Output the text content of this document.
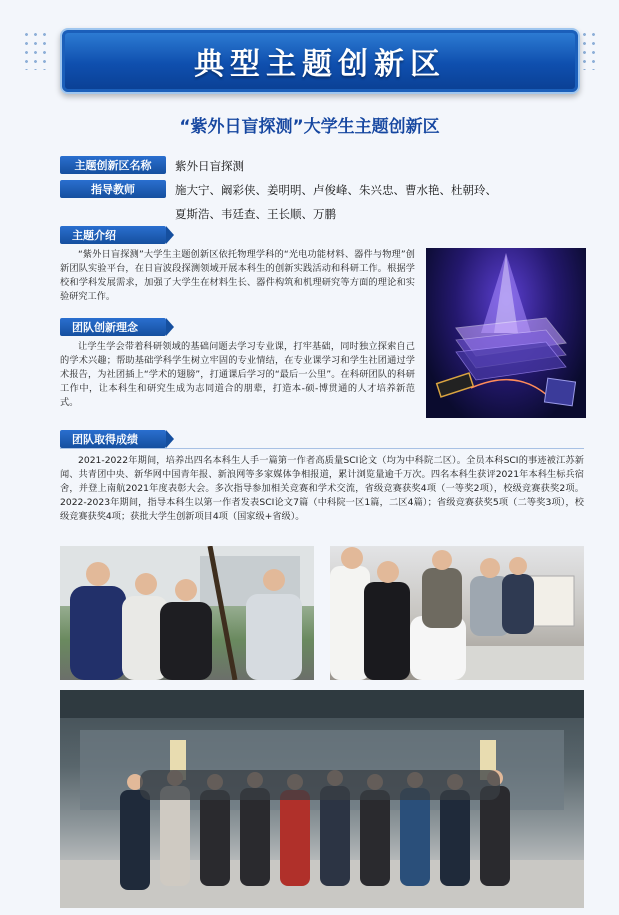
典型主题创新区
“紫外日盲探测”大学生主题创新区
主题创新区名称	紫外日盲探测
指导教师	施大宁、阚彩侠、姜明明、卢俊峰、朱兴忠、曹水艳、杜朝玲、
夏斯浩、韦廷查、王长顺、万鹏
主题介绍
“紫外日盲探测”大学生主题创新区依托物理学科的“光电功能材料、器件与物理”创新团队实验平台，在日盲波段探测领域开展本科生的创新实践活动和科研工作。根据学校和学科发展需求，加强了大学生在材料生长、器件构筑和机理研究等方面的理论和实验研究工作。
团队创新理念
让学生学会带着科研领域的基础问题去学习专业课，打牢基础，同时独立探索自己的学术兴趣；帮助基础学科学生树立牢固的专业情结，在专业课学习和学生社团通过学术报告，为社团插上“学术的翅膀”，打通课后学习的“最后一公里”。在科研团队的科研工作中，让本科生和研究生成为志同道合的朋辈，打造本-硕-博贯通的人才培养新范式。
团队取得成绩
2021-2022年期间，培养出四名本科生人手一篇第一作者高质量SCI论文（均为中科院二区）。全员本科SCI的事迹被江苏新闻、共青团中央、新华网中国青年报、新浪网等多家媒体争相报道，累计浏览量逾千万次。四名本科生获评2021年本科生标兵宿舍，并登上南航2021年度表彰大会。多次指导参加相关竞赛和学术交流，省级竞赛获奖4项（一等奖2项），校级竞赛获奖2项。2022-2023年期间，指导本科生以第一作者发表SCI论文7篇（中科院一区1篇，二区4篇）；省级竞赛获奖5项（二等奖3项），校级竞赛获奖4项；获批大学生创新项目4项（国家级+省级）。
